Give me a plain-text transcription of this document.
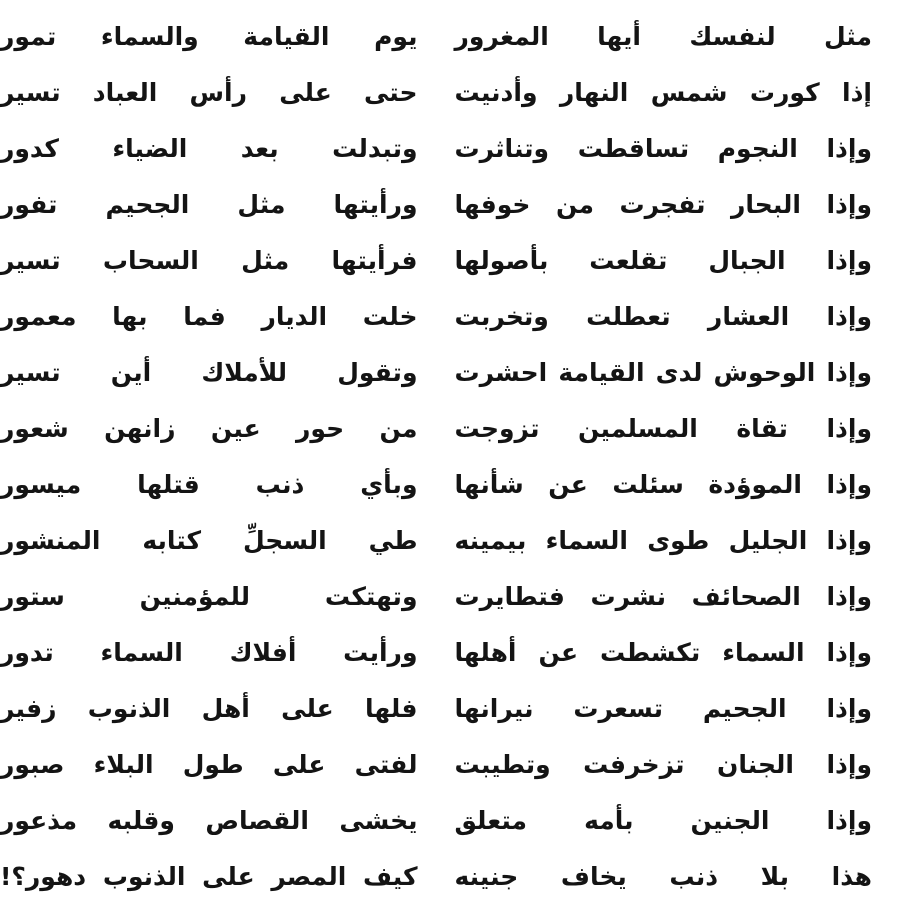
مثل لنفسك أيها المغرور
يوم القيامة والسماء تمور
إذا كورت شمس النهار وأدنيت
حتى على رأس العباد تسير
وإذا النجوم تساقطت وتناثرت
وتبدلت بعد الضياء كدور
وإذا البحار تفجرت من خوفها
ورأيتها مثل الجحيم تفور
وإذا الجبال تقلعت بأصولها
فرأيتها مثل السحاب تسير
وإذا العشار تعطلت وتخربت
خلت الديار فما بها معمور
وإذا الوحوش لدى القيامة احشرت
وتقول للأملاك أين تسير
وإذا تقاة المسلمين تزوجت
من حور عين زانهن شعور
وإذا الموؤدة سئلت عن شأنها
وبأي ذنب قتلها ميسور
وإذا الجليل طوى السماء بيمينه
طي السجلِّ كتابه المنشور
وإذا الصحائف نشرت فتطايرت
وتهتكت للمؤمنين ستور
وإذا السماء تكشطت عن أهلها
ورأيت أفلاك السماء تدور
وإذا الجحيم تسعرت نيرانها
فلها على أهل الذنوب زفير
وإذا الجنان تزخرفت وتطيبت
لفتى على طول البلاء صبور
وإذا الجنين بأمه متعلق
يخشى القصاص وقلبه مذعور
هذا بلا ذنب يخاف جنينه
كيف المصر على الذنوب دهور؟!
